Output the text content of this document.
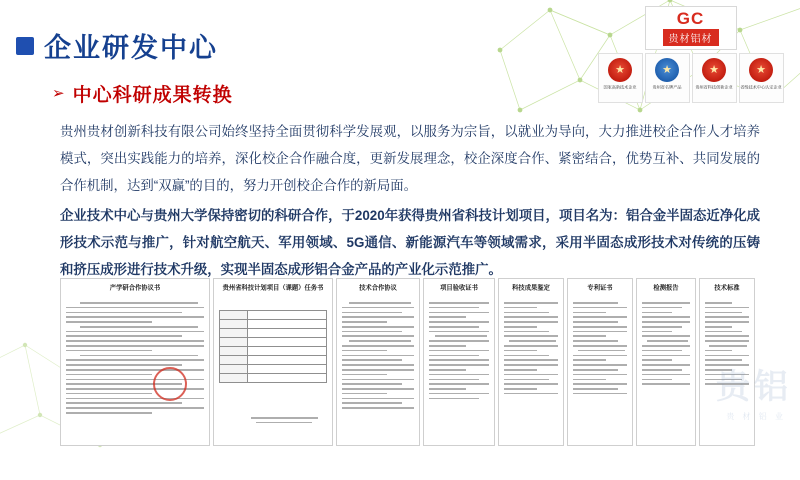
企业研发中心
GC
贵材铝材
★
国家高新技术企业
★	贵州省名牌产品
★	贵州省科技创新企业
★	省级技术中心认定企业
➢ 中心科研成果转换
贵州贵材创新科技有限公司始终坚持全面贯彻科学发展观，以服务为宗旨，以就业为导向，大力推进校企合作人才培养模式，突出实践能力的培养，深化校企合作融合度，更新发展理念，校企深度合作、紧密结合，优势互补、共同发展的合作机制，达到“双赢”的目的，努力开创校企合作的新局面。
企业技术中心与贵州大学保持密切的科研合作，于2020年获得贵州省科技计划项目，项目名为：铝合金半固态近净化成形技术示范与推广，针对航空航天、军用领域、5G通信、新能源汽车等领域需求，采用半固态成形技术对传统的压铸和挤压成形进行技术升级，实现半固态成形铝合金产品的产业化示范推广。
产学研合作协议书	贵州省科技计划项目（课题）任务书	技术合作协议	项目验收证书	科技成果鉴定	专利证书	检测报告	技术标准
贵 材 铝 业
